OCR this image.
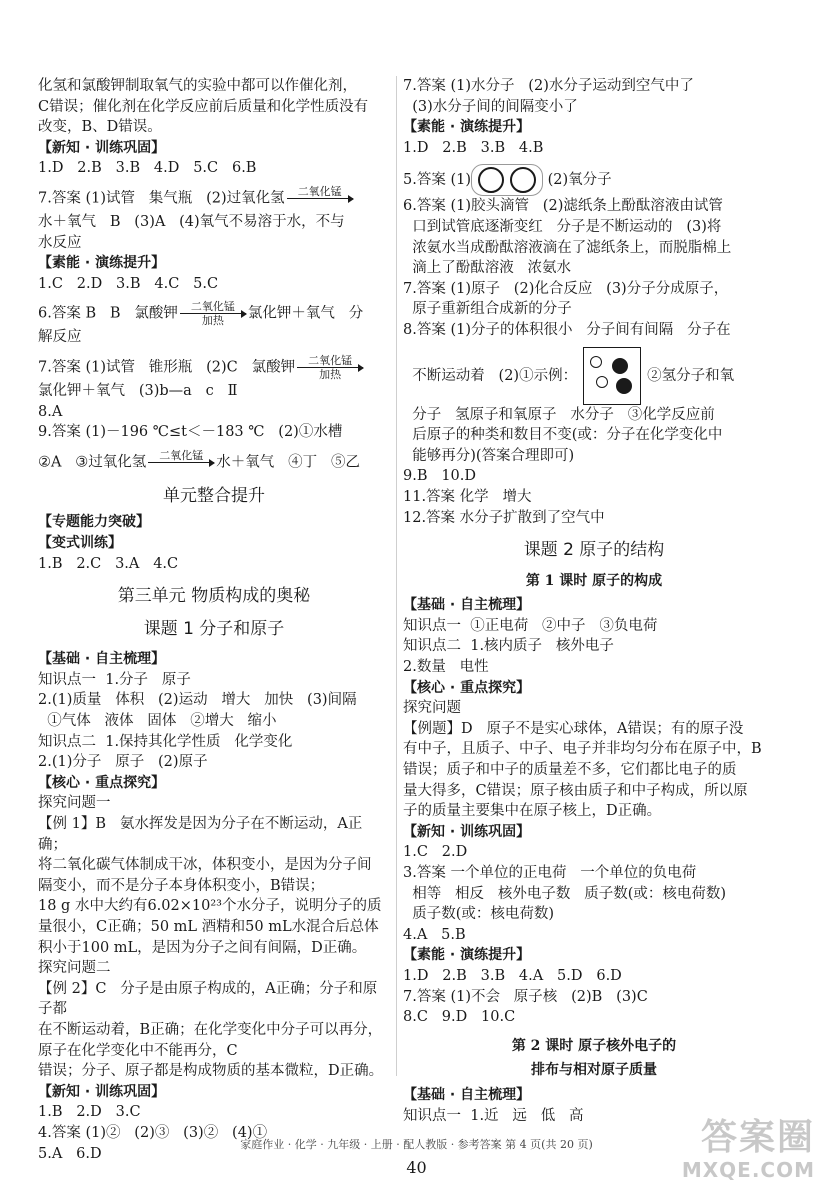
化氢和氯酸钾制取氧气的实验中都可以作催化剂，

C错误；催化剂在化学反应前后质量和化学性质没有

改变，B、D错误。

【新知 · 训练巩固】

1.D   2.B   3.B   4.D   5.C   6.B

7.答案 (1)试管   集气瓶   (2)过氧化氢	二氧化锰

水＋氧气   B   (3)A   (4)氧气不易溶于水，不与

水反应

【素能 · 演练提升】

1.C   2.D   3.B   4.C   5.C

6.答案 B   B   氯酸钾	二氧化锰
加热	氯化钾＋氧气   分

解反应

7.答案 (1)试管   锥形瓶   (2)C   氯酸钾	二氧化锰
加热

氯化钾＋氧气   (3)b—a   c   Ⅱ

8.A

9.答案 (1)－196 ℃≤t＜－183 ℃   (2)①水槽

②A   ③过氧化氢	二氧化锰
水＋氧气   ④丁   ⑤乙

单元整合提升

【专题能力突破】

【变式训练】

1.B   2.C   3.A   4.C

第三单元 物质构成的奥秘
课题 1 分子和原子

【基础 · 自主梳理】

知识点一  1.分子   原子

2.(1)质量   体积   (2)运动   增大   加快   (3)间隔

①气体   液体   固体   ②增大   缩小

知识点二  1.保持其化学性质   化学变化

2.(1)分子   原子   (2)原子

【核心 · 重点探究】

探究问题一

【例 1】B   氨水挥发是因为分子在不断运动，A正确；

将二氧化碳气体制成干冰，体积变小，是因为分子间

隔变小，而不是分子本身体积变小，B错误；

18 g 水中大约有6.02×10²³个水分子，说明分子的质

量很小，C正确；50 mL 酒精和50 mL水混合后总体

积小于100 mL，是因为分子之间有间隔，D正确。

探究问题二

【例 2】C   分子是由原子构成的，A正确；分子和原子都

在不断运动着，B正确；在化学变化中分子可以再分，

原子在化学变化中不能再分，C

错误；分子、原子都是构成物质的基本微粒，D正确。

【新知 · 训练巩固】

1.B   2.D   3.C

4.答案 (1)②   (2)③   (3)②   (4)①

5.A   6.D

7.答案 (1)水分子   (2)水分子运动到空气中了

(3)水分子间的间隔变小了

【素能 · 演练提升】

1.D   2.B   3.B   4.B

5.答案 (1)	(2)氧分子

6.答案 (1)胶头滴管   (2)滤纸条上酚酞溶液由试管

口到试管底逐渐变红   分子是不断运动的   (3)将

浓氨水当成酚酞溶液滴在了滤纸条上，而脱脂棉上

滴上了酚酞溶液   浓氨水

7.答案 (1)原子   (2)化合反应   (3)分子分成原子，

原子重新组合成新的分子

8.答案 (1)分子的体积很小   分子间有间隔   分子在

不断运动着   (2)①示例：	②氢分子和氧

分子   氢原子和氧原子   水分子   ③化学反应前

后原子的种类和数目不变(或：分子在化学变化中

能够再分)(答案合理即可)

9.B   10.D

11.答案 化学   增大

12.答案 水分子扩散到了空气中

课题 2 原子的结构
第 1 课时 原子的构成

【基础 · 自主梳理】

知识点一  ①正电荷   ②中子   ③负电荷

知识点二  1.核内质子   核外电子

2.数量   电性

【核心 · 重点探究】

探究问题

【例题】D   原子不是实心球体，A错误；有的原子没

有中子，且质子、中子、电子并非均匀分布在原子中，B

错误；质子和中子的质量差不多，它们都比电子的质

量大得多，C错误；原子核由质子和中子构成，所以原

子的质量主要集中在原子核上，D正确。

【新知 · 训练巩固】

1.C   2.D

3.答案 一个单位的正电荷   一个单位的负电荷

相等   相反   核外电子数   质子数(或：核电荷数)

质子数(或：核电荷数)

4.A   5.B

【素能 · 演练提升】

1.D   2.B   3.B   4.A   5.D   6.D

7.答案 (1)不会   原子核   (2)B   (3)C

8.C   9.D   10.C

第 2 课时 原子核外电子的
排布与相对原子质量

【基础 · 自主梳理】

知识点一  1.近   远   低   高

家庭作业 · 化学 · 九年级 · 上册 · 配人教版 · 参考答案 第 4 页(共 20 页)
40
答案圈
MXQE.COM
